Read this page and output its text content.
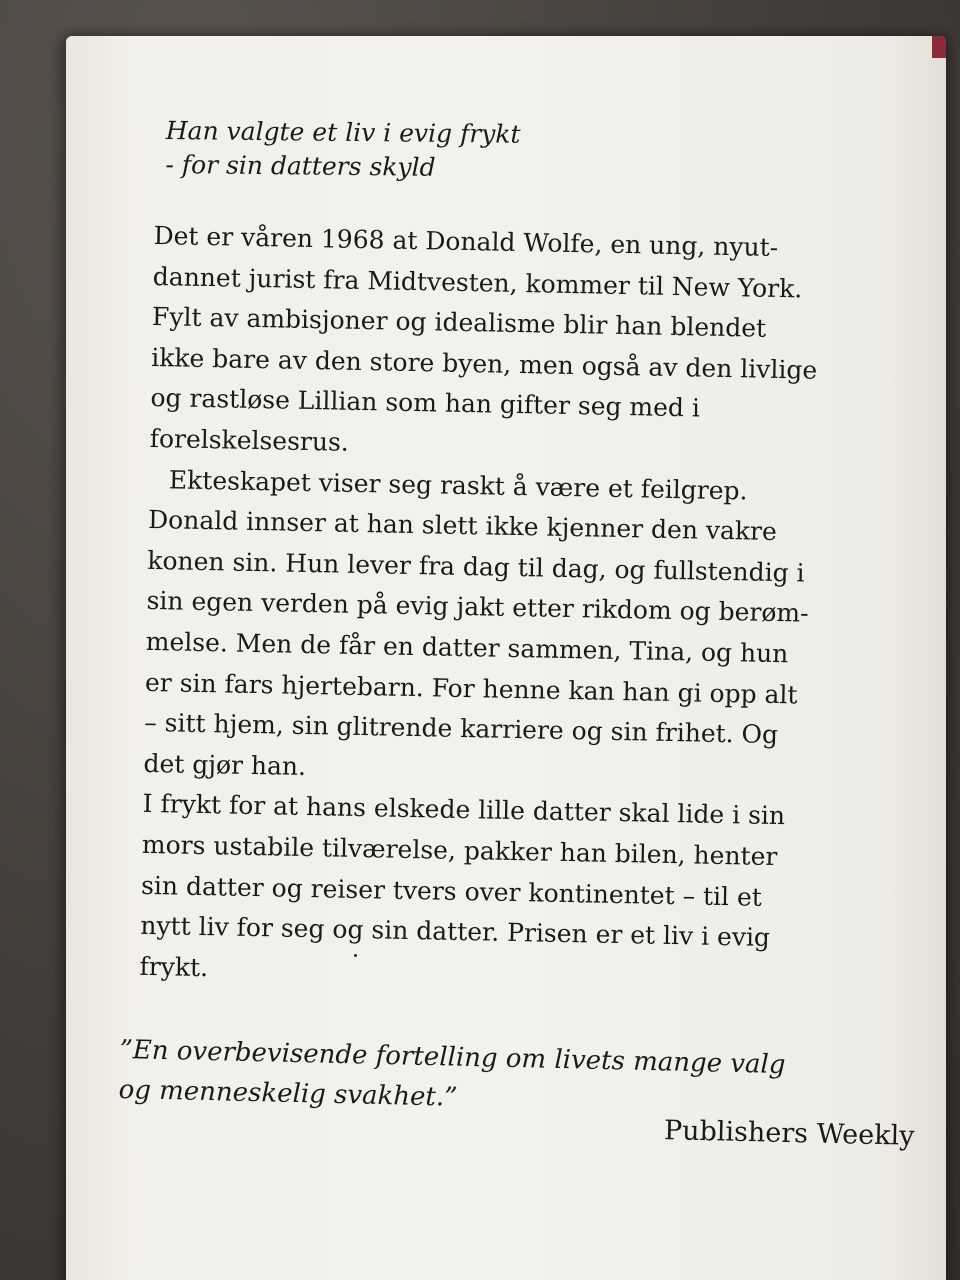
Han valgte et liv i evig frykt
- for sin datters skyld
Det er våren 1968 at Donald Wolfe, en ung, nyut-
dannet jurist fra Midtvesten, kommer til New York.
Fylt av ambisjoner og idealisme blir han blendet
ikke bare av den store byen, men også av den livlige
og rastløse Lillian som han gifter seg med i
forelskelsesrus.
Ekteskapet viser seg raskt å være et feilgrep.
Donald innser at han slett ikke kjenner den vakre
konen sin. Hun lever fra dag til dag, og fullstendig i
sin egen verden på evig jakt etter rikdom og berøm-
melse. Men de får en datter sammen, Tina, og hun
er sin fars hjertebarn. For henne kan han gi opp alt
– sitt hjem, sin glitrende karriere og sin frihet. Og
det gjør han.
I frykt for at hans elskede lille datter skal lide i sin
mors ustabile tilværelse, pakker han bilen, henter
sin datter og reiser tvers over kontinentet – til et
nytt liv for seg og sin datter. Prisen er et liv i evig
frykt.
”En overbevisende fortelling om livets mange valg
og menneskelig svakhet.”
Publishers Weekly
